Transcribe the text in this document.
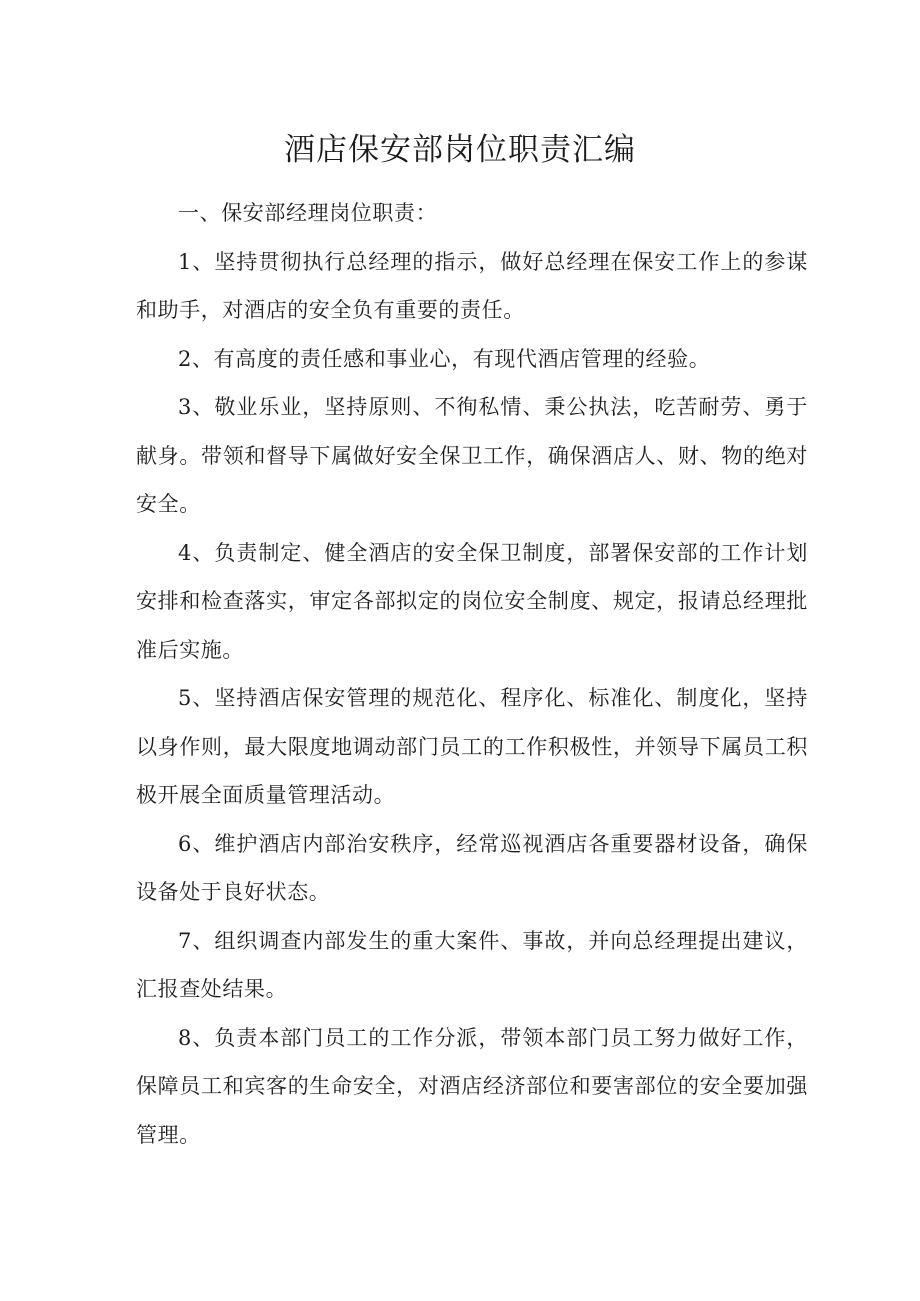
酒店保安部岗位职责汇编

一、保安部经理岗位职责：

1、坚持贯彻执行总经理的指示，做好总经理在保安工作上的参谋和助手，对酒店的安全负有重要的责任。

2、有高度的责任感和事业心，有现代酒店管理的经验。

3、敬业乐业，坚持原则、不徇私情、秉公执法，吃苦耐劳、勇于献身。带领和督导下属做好安全保卫工作，确保酒店人、财、物的绝对安全。

4、负责制定、健全酒店的安全保卫制度，部署保安部的工作计划安排和检查落实，审定各部拟定的岗位安全制度、规定，报请总经理批准后实施。

5、坚持酒店保安管理的规范化、程序化、标准化、制度化，坚持以身作则，最大限度地调动部门员工的工作积极性，并领导下属员工积极开展全面质量管理活动。

6、维护酒店内部治安秩序，经常巡视酒店各重要器材设备，确保设备处于良好状态。

7、组织调查内部发生的重大案件、事故，并向总经理提出建议，汇报查处结果。

8、负责本部门员工的工作分派，带领本部门员工努力做好工作，保障员工和宾客的生命安全，对酒店经济部位和要害部位的安全要加强管理。
